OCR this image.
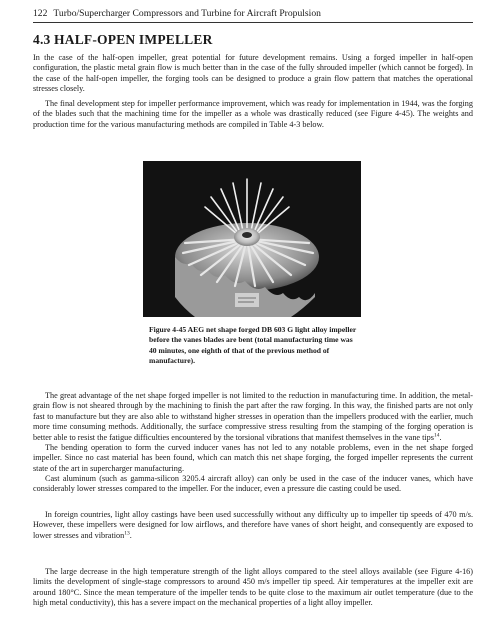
122 Turbo/Supercharger Compressors and Turbine for Aircraft Propulsion
4.3 HALF-OPEN IMPELLER

In the case of the half-open impeller, great potential for future development remains. Using a forged impeller in half-open configuration, the plastic metal grain flow is much better than in the case of the fully shrouded impeller (which cannot be forged). In the case of the half-open impeller, the forging tools can be designed to produce a grain flow pattern that matches the operational stresses closely.

The final development step for impeller performance improvement, which was ready for implementation in 1944, was the forging of the blades such that the machining time for the impeller as a whole was drastically reduced (see Figure 4-45). The weights and production time for the various manufacturing methods are compiled in Table 4-3 below.

Figure 4-45 AEG net shape forged DB 603 G light alloy impeller before the vanes blades are bent (total manufacturing time was 40 minutes, one eighth of that of the previous method of manufacture).

The great advantage of the net shape forged impeller is not limited to the reduction in manufacturing time. In addition, the metal-grain flow is not sheared through by the machining to finish the part after the raw forging. In this way, the finished parts are not only fast to manufacture but they are also able to withstand higher stresses in operation than the impellers produced with the earlier, much more time consuming methods. Additionally, the surface compressive stress resulting from the stamping of the forging operation is better able to resist the fatigue difficulties encountered by the torsional vibrations that manifest themselves in the vane tips$^{14}$.

The bending operation to form the curved inducer vanes has not led to any notable problems, even in the net shape forged impeller. Since no cast material has been found, which can match this net shape forging, the forged impeller represents the current state of the art in supercharger manufacturing.

Cast aluminum (such as gamma-silicon 3205.4 aircraft alloy) can only be used in the case of the inducer vanes, which have considerably lower stresses compared to the impeller. For the inducer, even a pressure die casting could be used.

In foreign countries, light alloy castings have been used successfully without any difficulty up to impeller tip speeds of 470 m/s. However, these impellers were designed for low airflows, and therefore have vanes of short height, and consequently are exposed to lower stresses and vibration$^{13}$.

The large decrease in the high temperature strength of the light alloys compared to the steel alloys available (see Figure 4-16) limits the development of single-stage compressors to around 450 m/s impeller tip speed. Air temperatures at the impeller exit are around 180°C. Since the mean temperature of the impeller tends to be quite close to the maximum air outlet temperature (due to the high metal conductivity), this has a severe impact on the mechanical properties of a light alloy impeller.
